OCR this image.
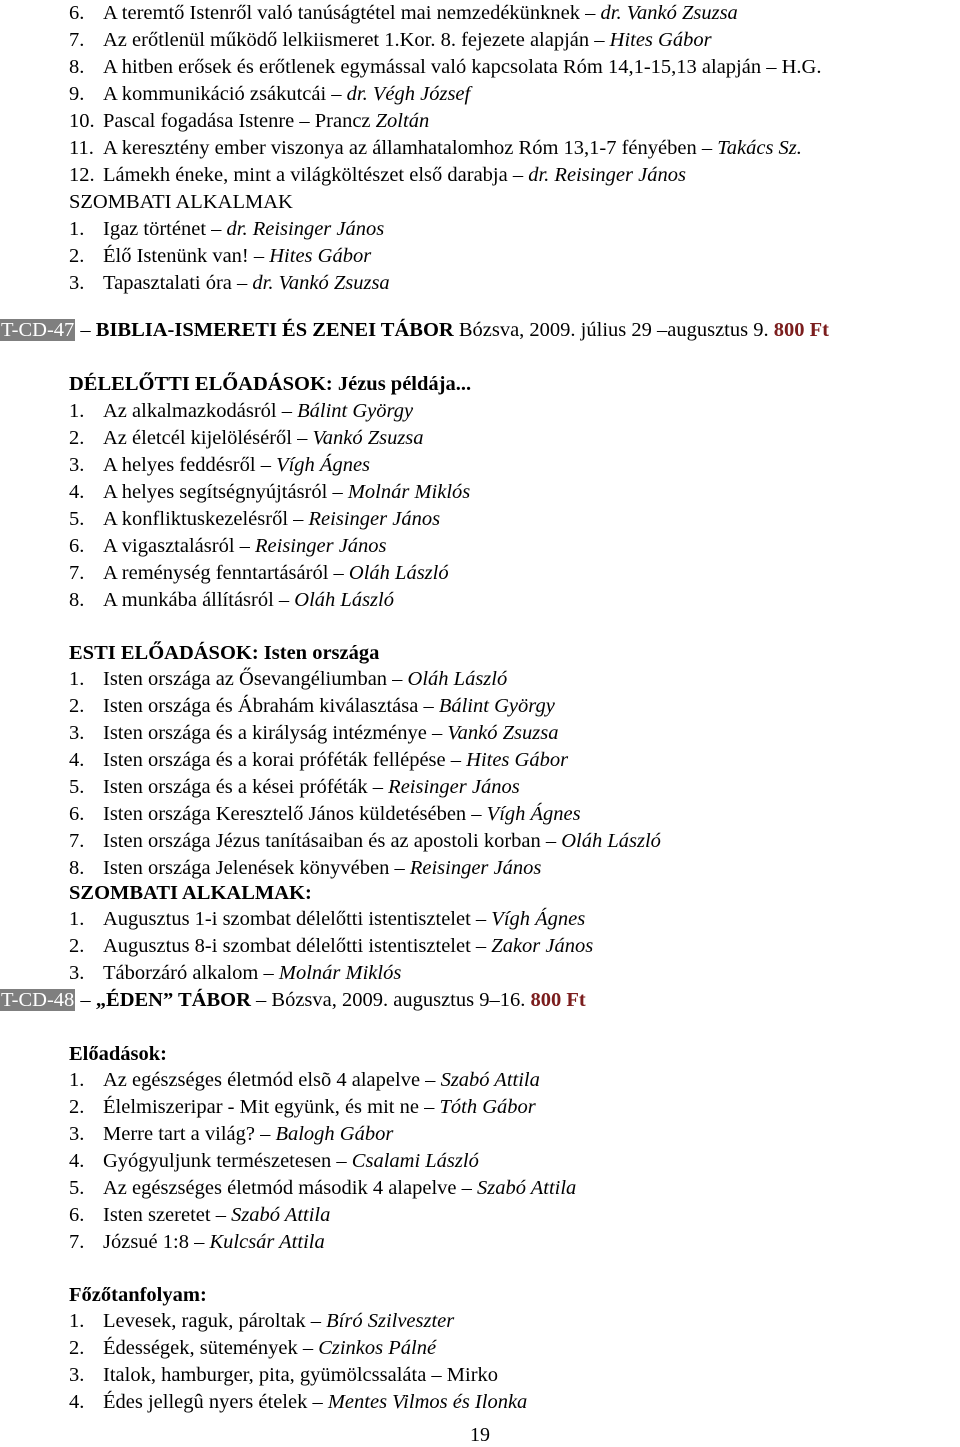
6. A teremtő Istenről való tanúságtétel mai nemzedékünknek – dr. Vankó Zsuzsa
7. Az erőtlenül működő lelkiismeret 1.Kor. 8. fejezete alapján – Hites Gábor
8. A hitben erősek és erőtlenek egymással való kapcsolata Róm 14,1-15,13 alapján – H.G.
9. A kommunikáció zsákutcái – dr. Végh József
10. Pascal fogadása Istenre – Prancz Zoltán
11. A keresztény ember viszonya az államhatalomhoz Róm 13,1-7 fényében – Takács Sz.
12. Lámekh éneke, mint a világköltészet első darabja – dr. Reisinger János
SZOMBATI ALKALMAK
1. Igaz történet – dr. Reisinger János
2. Élő Istenünk van! – Hites Gábor
3. Tapasztalati óra – dr. Vankó Zsuzsa
T-CD-47 – BIBLIA-ISMERETI ÉS ZENEI TÁBOR Bózsva, 2009. július 29 –augusztus 9. 800 Ft
DÉLELŐTTI ELŐADÁSOK: Jézus példája...
1. Az alkalmazkodásról – Bálint György
2. Az életcél kijelöléséről – Vankó Zsuzsa
3. A helyes feddésről – Vígh Ágnes
4. A helyes segítségnyújtásról – Molnár Miklós
5. A konfliktuskezelésről – Reisinger János
6. A vigasztalásról – Reisinger János
7. A reménység fenntartásáról – Oláh László
8. A munkába állításról – Oláh László
ESTI ELŐADÁSOK: Isten országa
1. Isten országa az Ősevangéliumban – Oláh László
2. Isten országa és Ábrahám kiválasztása – Bálint György
3. Isten országa és a királyság intézménye – Vankó Zsuzsa
4. Isten országa és a korai próféták fellépése – Hites Gábor
5. Isten országa és a kései próféták – Reisinger János
6. Isten országa Keresztelő János küldetésében – Vígh Ágnes
7. Isten országa Jézus tanításaiban és az apostoli korban – Oláh László
8. Isten országa Jelenések könyvében – Reisinger János
SZOMBATI ALKALMAK:
1. Augusztus 1-i szombat délelőtti istentisztelet – Vígh Ágnes
2. Augusztus 8-i szombat délelőtti istentisztelet – Zakor János
3. Táborzáró alkalom – Molnár Miklós
T-CD-48 – „ÉDEN” TÁBOR – Bózsva, 2009. augusztus 9–16. 800 Ft
Előadások:
1. Az egészséges életmód elsõ 4 alapelve – Szabó Attila
2. Élelmiszeripar - Mit együnk, és mit ne – Tóth Gábor
3. Merre tart a világ? – Balogh Gábor
4. Gyógyuljunk természetesen – Csalami László
5. Az egészséges életmód második 4 alapelve – Szabó Attila
6. Isten szeretet – Szabó Attila
7. Józsué 1:8 – Kulcsár Attila
Főzőtanfolyam:
1. Levesek, raguk, pároltak – Bíró Szilveszter
2. Édességek, sütemények – Czinkos Pálné
3. Italok, hamburger, pita, gyümölcssaláta – Mirko
4. Édes jellegû nyers ételek – Mentes Vilmos és Ilonka
19
